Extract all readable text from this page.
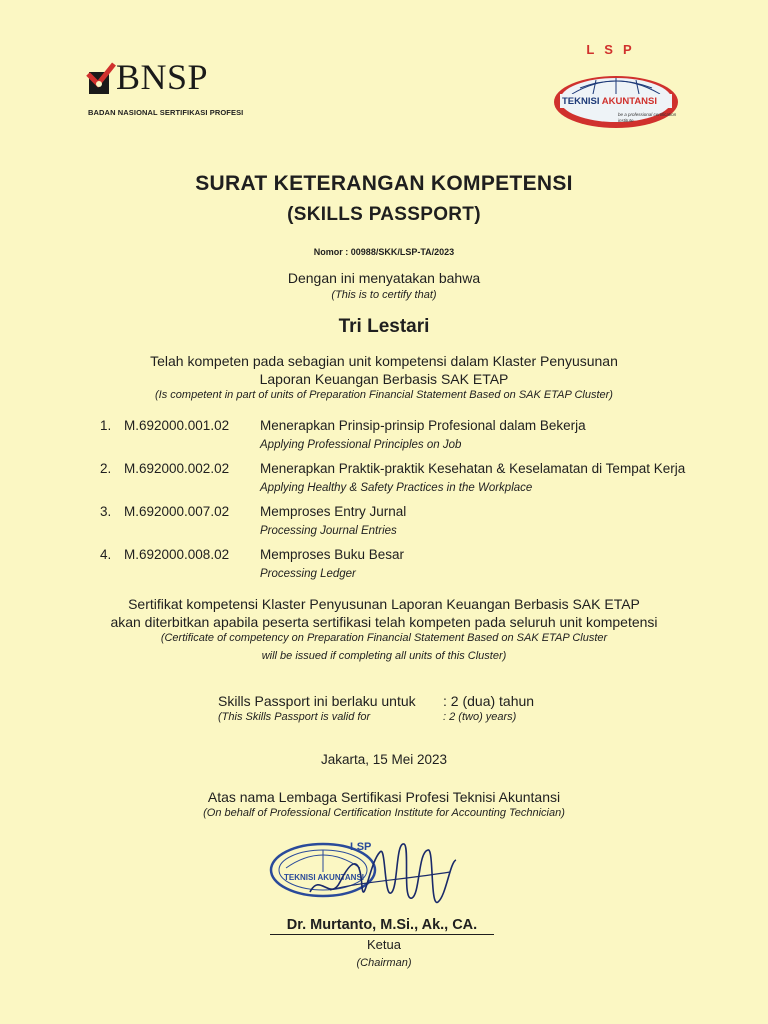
BNSP
BADAN NASIONAL SERTIFIKASI PROFESI
LSP
TEKNISI AKUNTANSI
be a professional certification institute
SURAT KETERANGAN KOMPETENSI
(SKILLS PASSPORT)
Nomor : 00988/SKK/LSP-TA/2023
Dengan ini menyatakan bahwa
(This is to certify that)
Tri Lestari
Telah kompeten pada sebagian unit kompetensi dalam Klaster Penyusunan
Laporan Keuangan Berbasis SAK ETAP
(Is competent in part of units of Preparation Financial Statement Based on SAK ETAP Cluster)
1. M.692000.001.02 Menerapkan Prinsip-prinsip Profesional dalam Bekerja
Applying Professional Principles on Job
2. M.692000.002.02 Menerapkan Praktik-praktik Kesehatan & Keselamatan di Tempat Kerja
Applying Healthy & Safety Practices in the Workplace
3. M.692000.007.02 Memproses Entry Jurnal
Processing Journal Entries
4. M.692000.008.02 Memproses Buku Besar
Processing Ledger
Sertifikat kompetensi Klaster Penyusunan Laporan Keuangan Berbasis SAK ETAP
akan diterbitkan apabila peserta sertifikasi telah kompeten pada seluruh unit kompetensi
(Certificate of competency on Preparation Financial Statement Based on SAK ETAP Cluster
will be issued if completing all units of this Cluster)
Skills Passport ini berlaku untuk : 2 (dua) tahun
(This Skills Passport is valid for	: 2 (two) years)
Jakarta, 15 Mei 2023
Atas nama Lembaga Sertifikasi Profesi Teknisi Akuntansi
(On behalf of Professional Certification Institute for Accounting Technician)
LSP
TEKNISI AKUNTANSI
Dr. Murtanto, M.Si., Ak., CA.
Ketua
(Chairman)
